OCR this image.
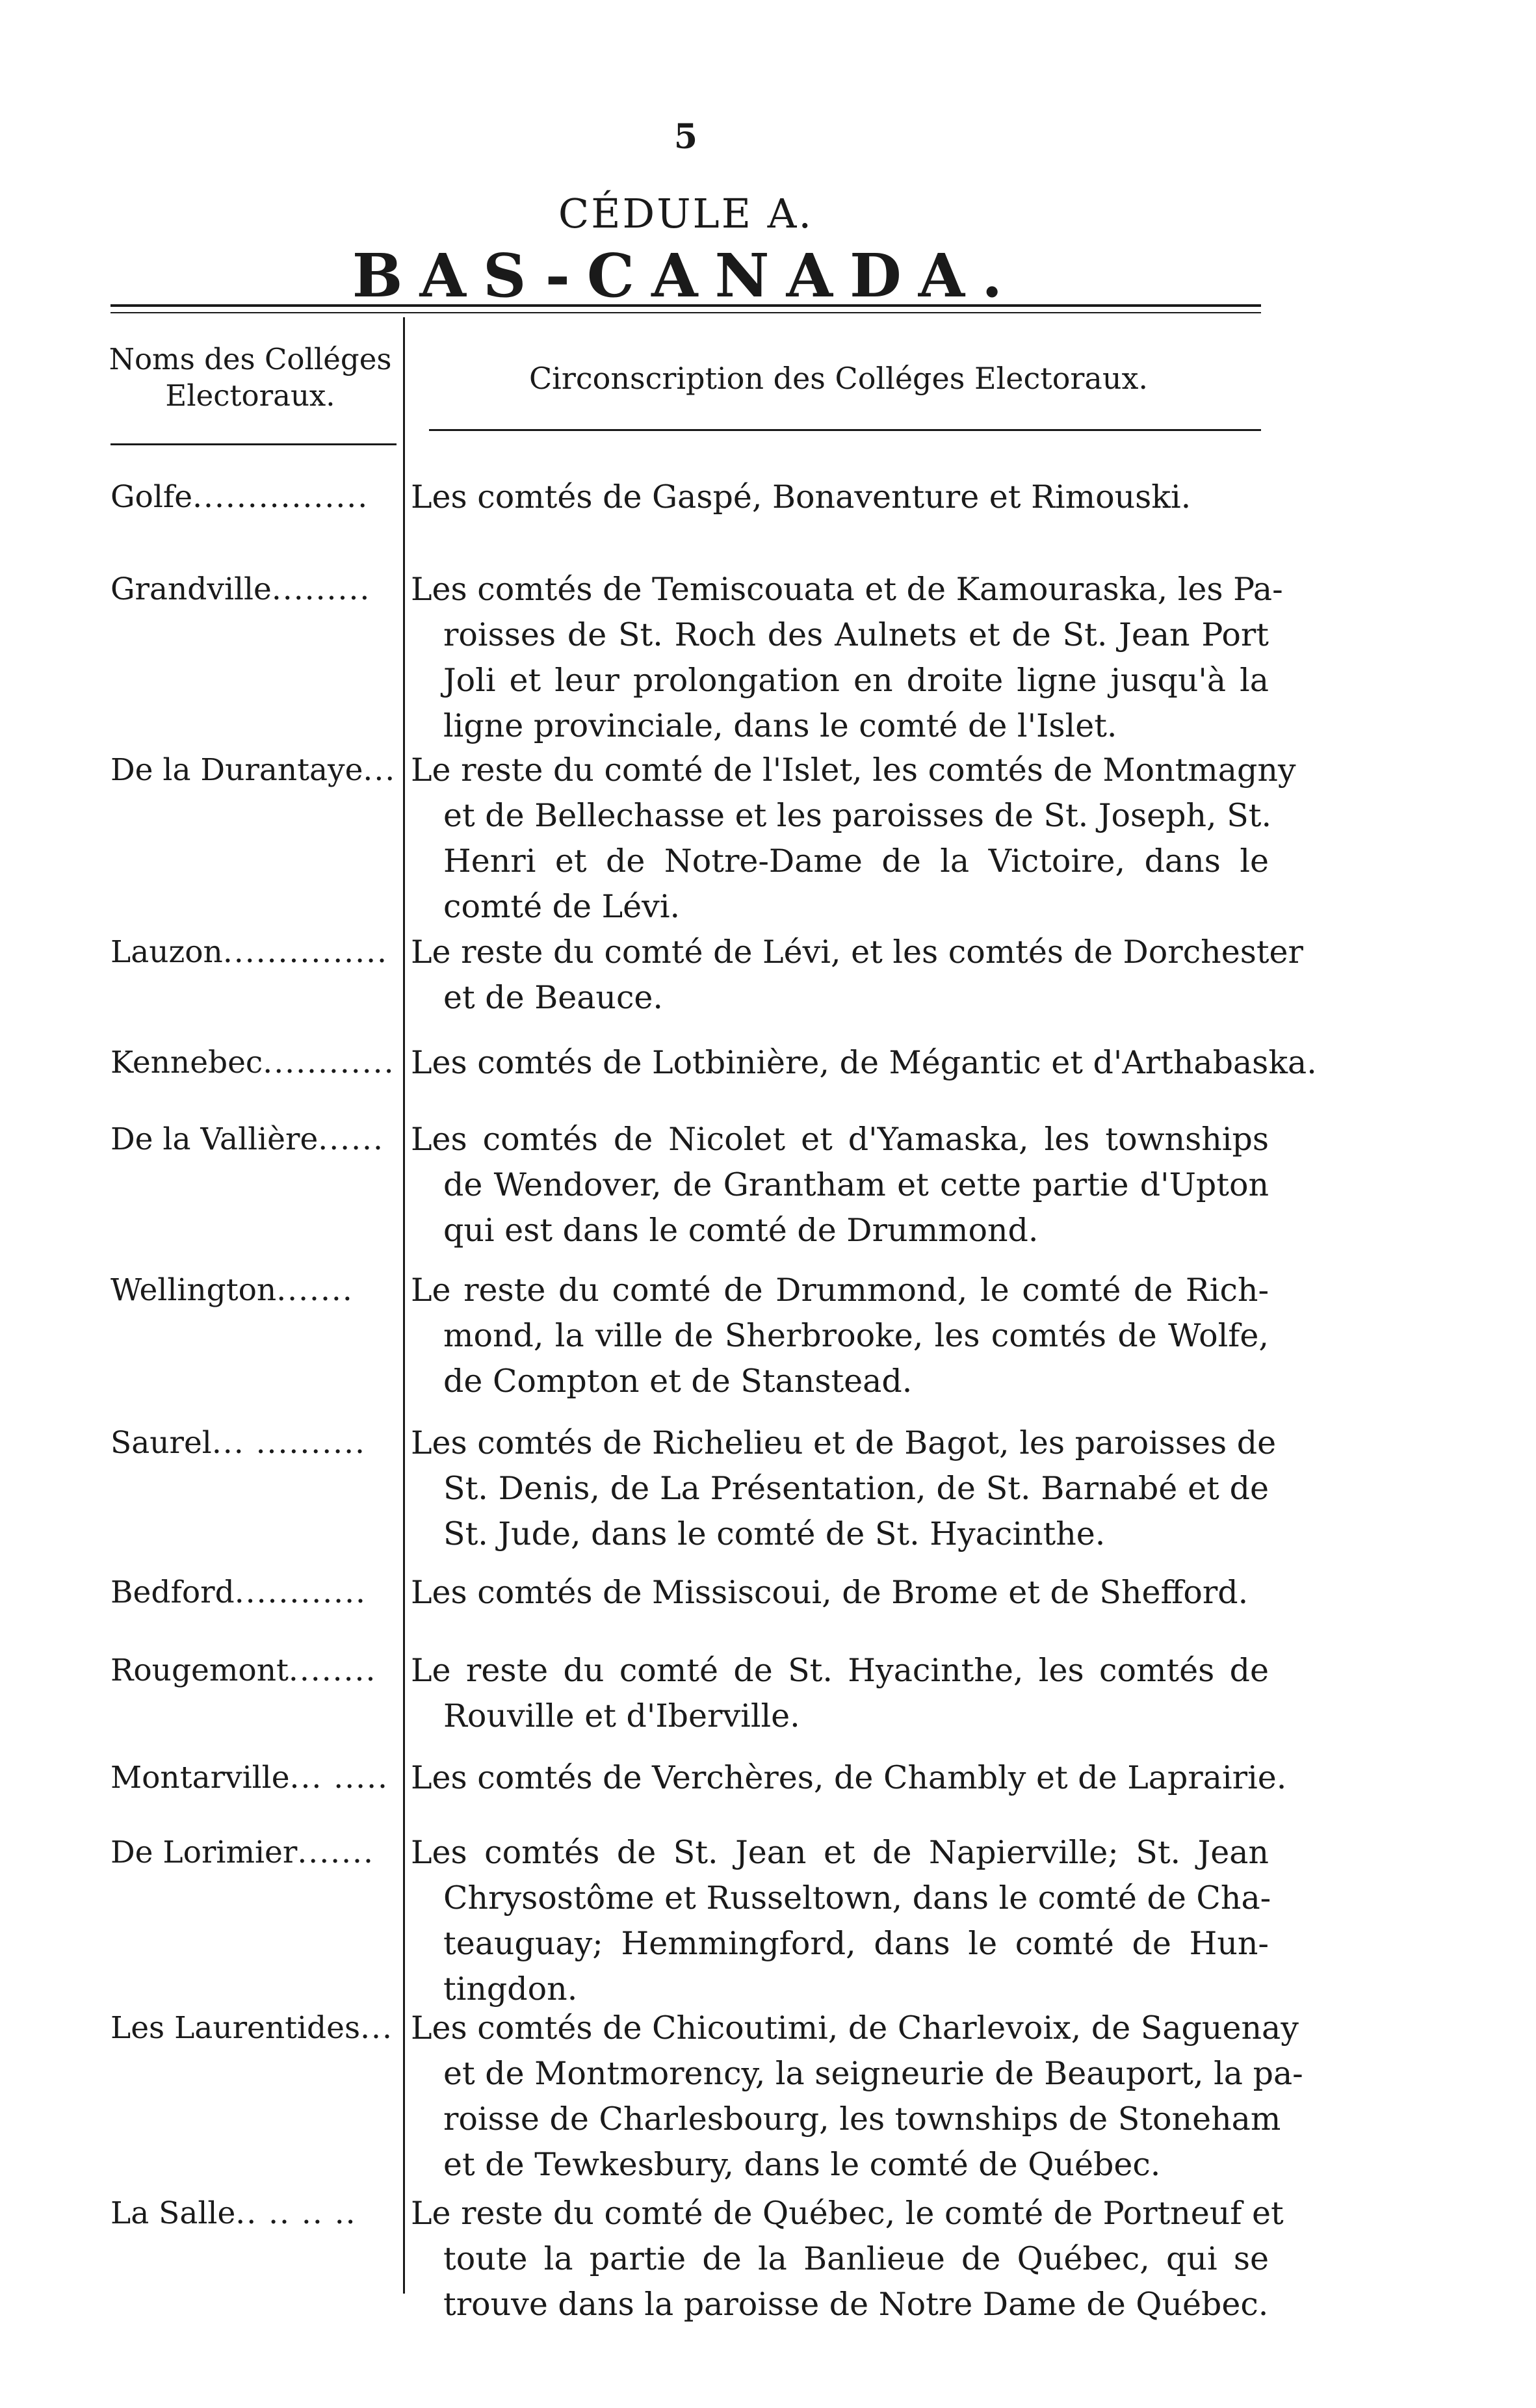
5
CÉDULE A.
BAS-CANADA.
Noms des Colléges
Electoraux.	Circonscription des Colléges Electoraux.
Golfe................	Les comtés de Gaspé, Bonaventure et Rimouski.
Grandville.........	Les comtés de Temiscouata et de Kamouraska, les Pa-
roisses de St. Roch des Aulnets et de St. Jean Port
Joli et leur prolongation en droite ligne jusqu'à la
ligne provinciale, dans le comté de l'Islet.
De la Durantaye... Le reste du comté de l'Islet, les comtés de Montmagny
et de Bellechasse et les paroisses de St. Joseph, St.
Henri et de Notre-Dame de la Victoire, dans le
comté de Lévi.
Lauzon............... Le reste du comté de Lévi, et les comtés de Dorchester
et de Beauce.
Kennebec............ Les comtés de Lotbinière, de Mégantic et d'Arthabaska.
De la Vallière...... Les comtés de Nicolet et d'Yamaska, les townships
de Wendover, de Grantham et cette partie d'Upton
qui est dans le comté de Drummond.
Wellington.......	Le reste du comté de Drummond, le comté de Rich-
mond, la ville de Sherbrooke, les comtés de Wolfe,
de Compton et de Stanstead.
Saurel... ..........	Les comtés de Richelieu et de Bagot, les paroisses de
St. Denis, de La Présentation, de St. Barnabé et de
St. Jude, dans le comté de St. Hyacinthe.
Bedford............	Les comtés de Missiscoui, de Brome et de Shefford.
Rougemont........	Le reste du comté de St. Hyacinthe, les comtés de
Rouville et d'Iberville.
Montarville... ..... Les comtés de Verchères, de Chambly et de Laprairie.
De Lorimier.......	Les comtés de St. Jean et de Napierville; St. Jean
Chrysostôme et Russeltown, dans le comté de Cha-
teauguay; Hemmingford, dans le comté de Hun-
tingdon.
Les Laurentides... Les comtés de Chicoutimi, de Charlevoix, de Saguenay
et de Montmorency, la seigneurie de Beauport, la pa-
roisse de Charlesbourg, les townships de Stoneham
et de Tewkesbury, dans le comté de Québec.
La Salle.. .. .. ..	Le reste du comté de Québec, le comté de Portneuf et
toute la partie de la Banlieue de Québec, qui se
trouve dans la paroisse de Notre Dame de Québec.
